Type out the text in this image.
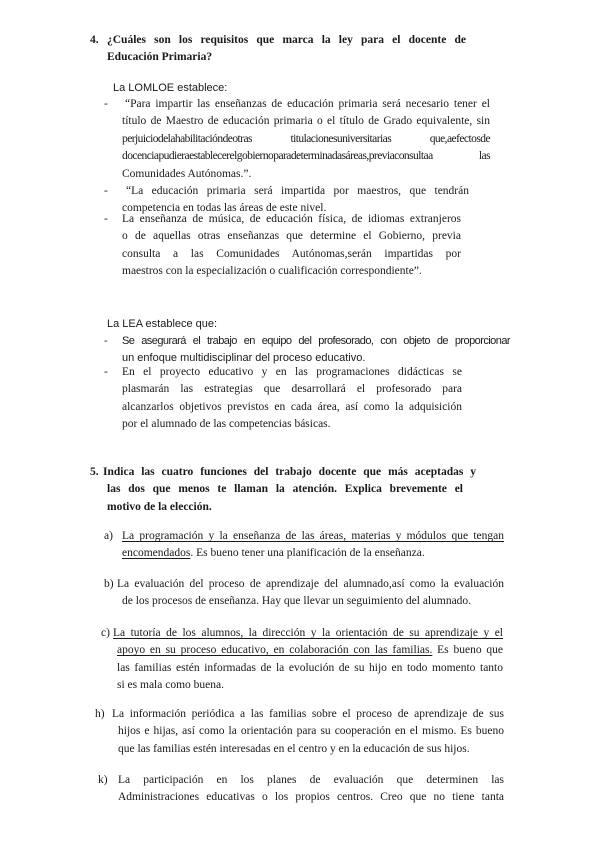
4. ¿Cuáles son los requisitos que marca la ley para el docente de
Educación Primaria?
La LOMLOE establece:
- “Para impartir las enseñanzas de educación primaria será necesario tener el
título de Maestro de educación primaria o el título de Grado equivalente, sin
perjuiciodelahabilitacióndeotras titulacionesuniversitarias que,aefectosde
docenciapudieraestablecerelgobiernoparadeterminadasáreas,previaconsultaa las
Comunidades Autónomas.”.
-	“La educación primaria será impartida por maestros, que tendrán
competencia en todas las áreas de este nivel.
- La enseñanza de música, de educación física, de idiomas extranjeros
o de aquellas otras enseñanzas que determine el Gobierno, previa
consulta a las Comunidades Autónomas,serán impartidas por
maestros con la especialización o cualificación correspondiente”.
La LEA establece que:
- Se asegurará el trabajo en equipo del profesorado, con objeto de proporcionar
un enfoque multidisciplinar del proceso educativo.
- En el proyecto educativo y en las programaciones didácticas se
plasmarán las estrategias que desarrollará el profesorado para
alcanzarlos objetivos previstos en cada área, así como la adquisición
por el alumnado de las competencias básicas.
5. Indica las cuatro funciones del trabajo docente que más aceptadas y
las dos que menos te llaman la atención. Explica brevemente el
motivo de la elección.
a) La programación y la enseñanza de las áreas, materias y módulos que tengan
encomendados. Es bueno tener una planificación de la enseñanza.
b) La evaluación del proceso de aprendizaje del alumnado,así como la evaluación
de los procesos de enseñanza. Hay que llevar un seguimiento del alumnado.
c) La tutoría de los alumnos, la dirección y la orientación de su aprendizaje y el
apoyo en su proceso educativo, en colaboración con las familias. Es bueno que
las familias estén informadas de la evolución de su hijo en todo momento tanto
si es mala como buena.
h) La información periódica a las familias sobre el proceso de aprendizaje de sus
hijos e hijas, así como la orientación para su cooperación en el mismo. Es bueno
que las familias estén interesadas en el centro y en la educación de sus hijos.
k) La participación en los planes de evaluación que determinen las
Administraciones educativas o los propios centros. Creo que no tiene tanta
